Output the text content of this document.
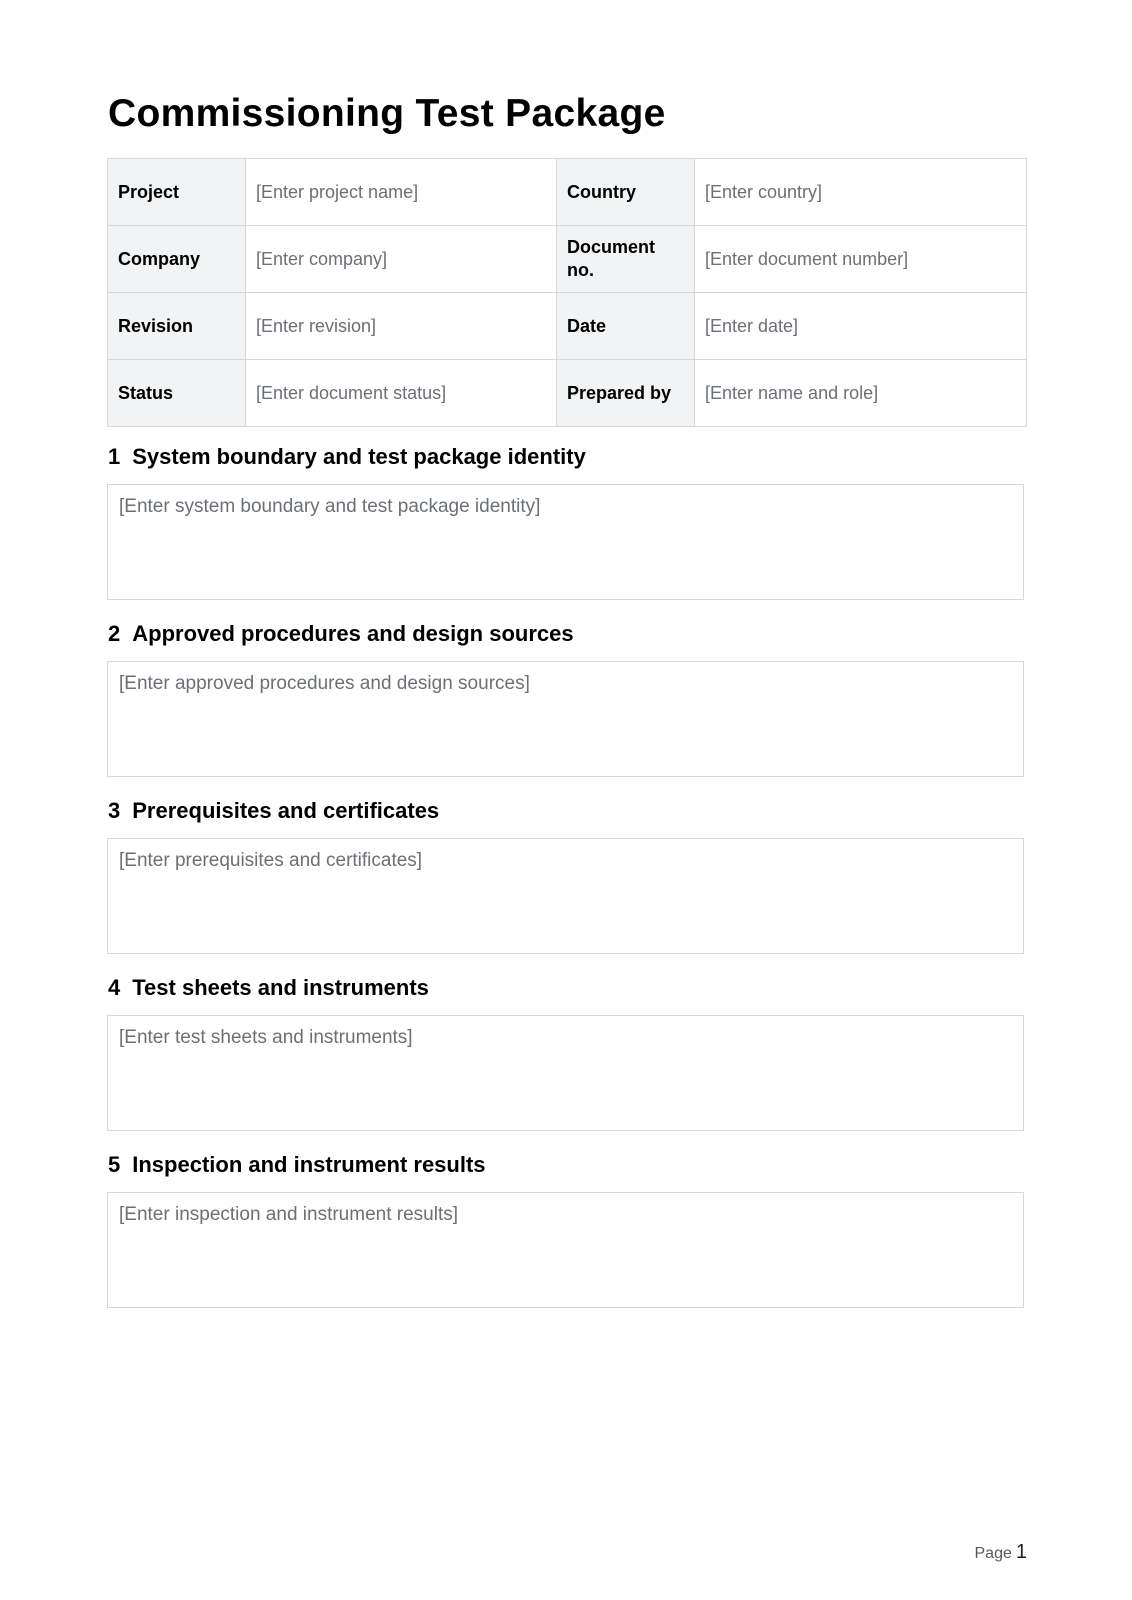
Commissioning Test Package
Project	[Enter project name]	Country	[Enter country]
Company	[Enter company]	Document no.	[Enter document number]
Revision	[Enter revision]	Date	[Enter date]
Status	[Enter document status]	Prepared by	[Enter name and role]
1 System boundary and test package identity
[Enter system boundary and test package identity]
2 Approved procedures and design sources
[Enter approved procedures and design sources]
3 Prerequisites and certificates
[Enter prerequisites and certificates]
4 Test sheets and instruments
[Enter test sheets and instruments]
5 Inspection and instrument results
[Enter inspection and instrument results]
Page 1
